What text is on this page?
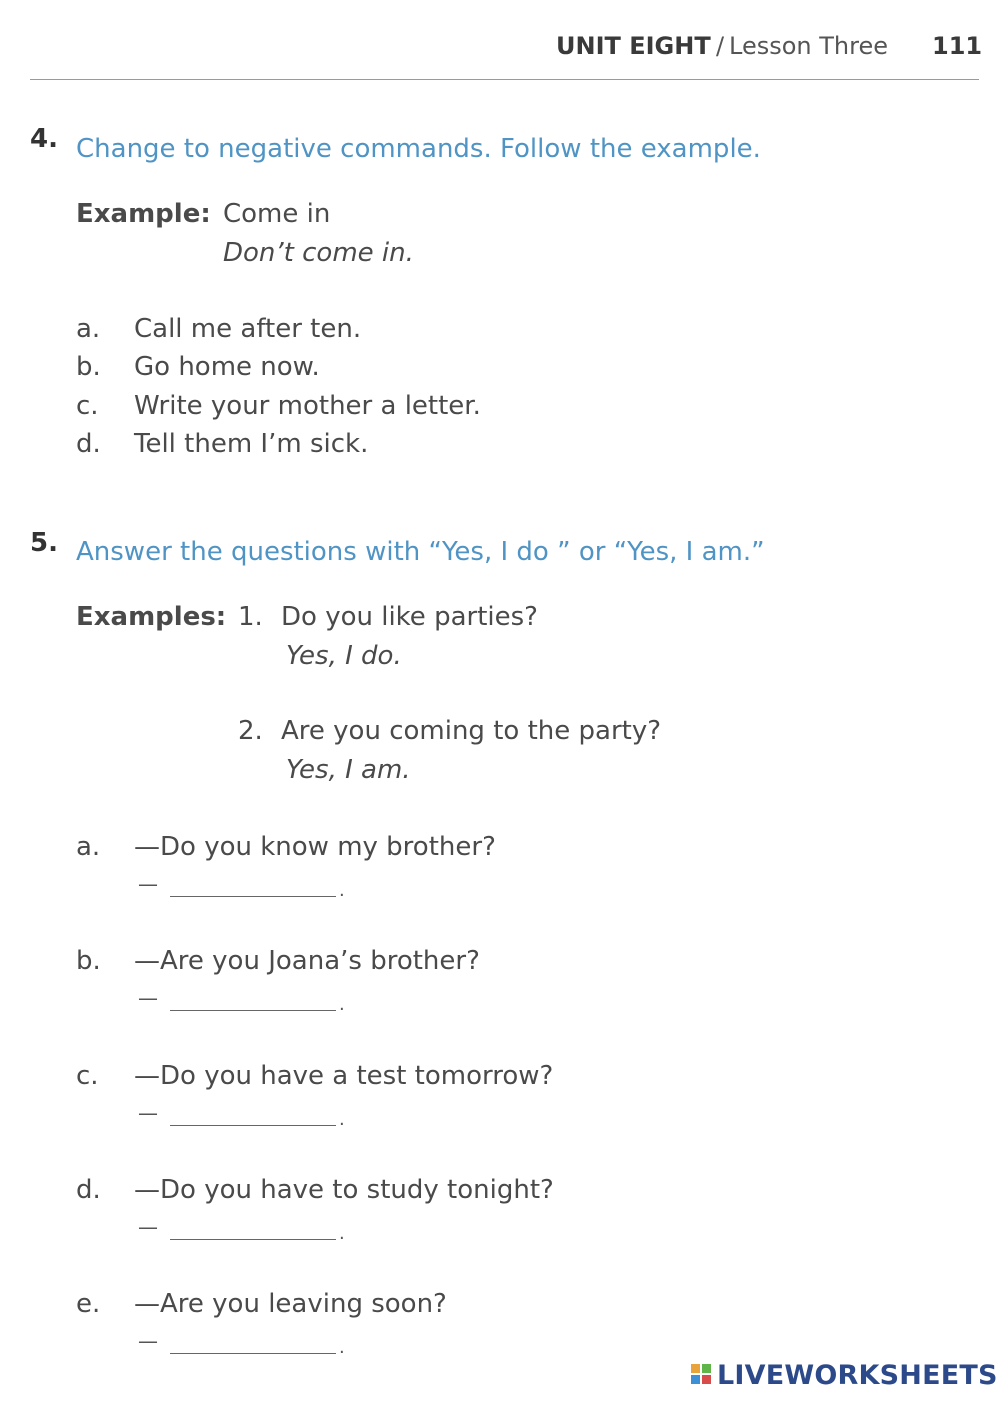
UNIT EIGHT / Lesson Three 111
4. Change to negative commands. Follow the example.
Example: Come in
Don’t come in.
a. Call me after ten.
b. Go home now.
c. Write your mother a letter.
d. Tell them I’m sick.
5. Answer the questions with “Yes, I do ” or “Yes, I am.”
Examples: 1. Do you like parties?
Yes, I do.
2. Are you coming to the party?
Yes, I am.
a. —Do you know my brother?
—	.
b. —Are you Joana’s brother?
—	.
c. —Do you have a test tomorrow?
—	.
d. —Do you have to study tonight?
—	.
e. —Are you leaving soon?
—	.
LIVEWORKSHEETS
